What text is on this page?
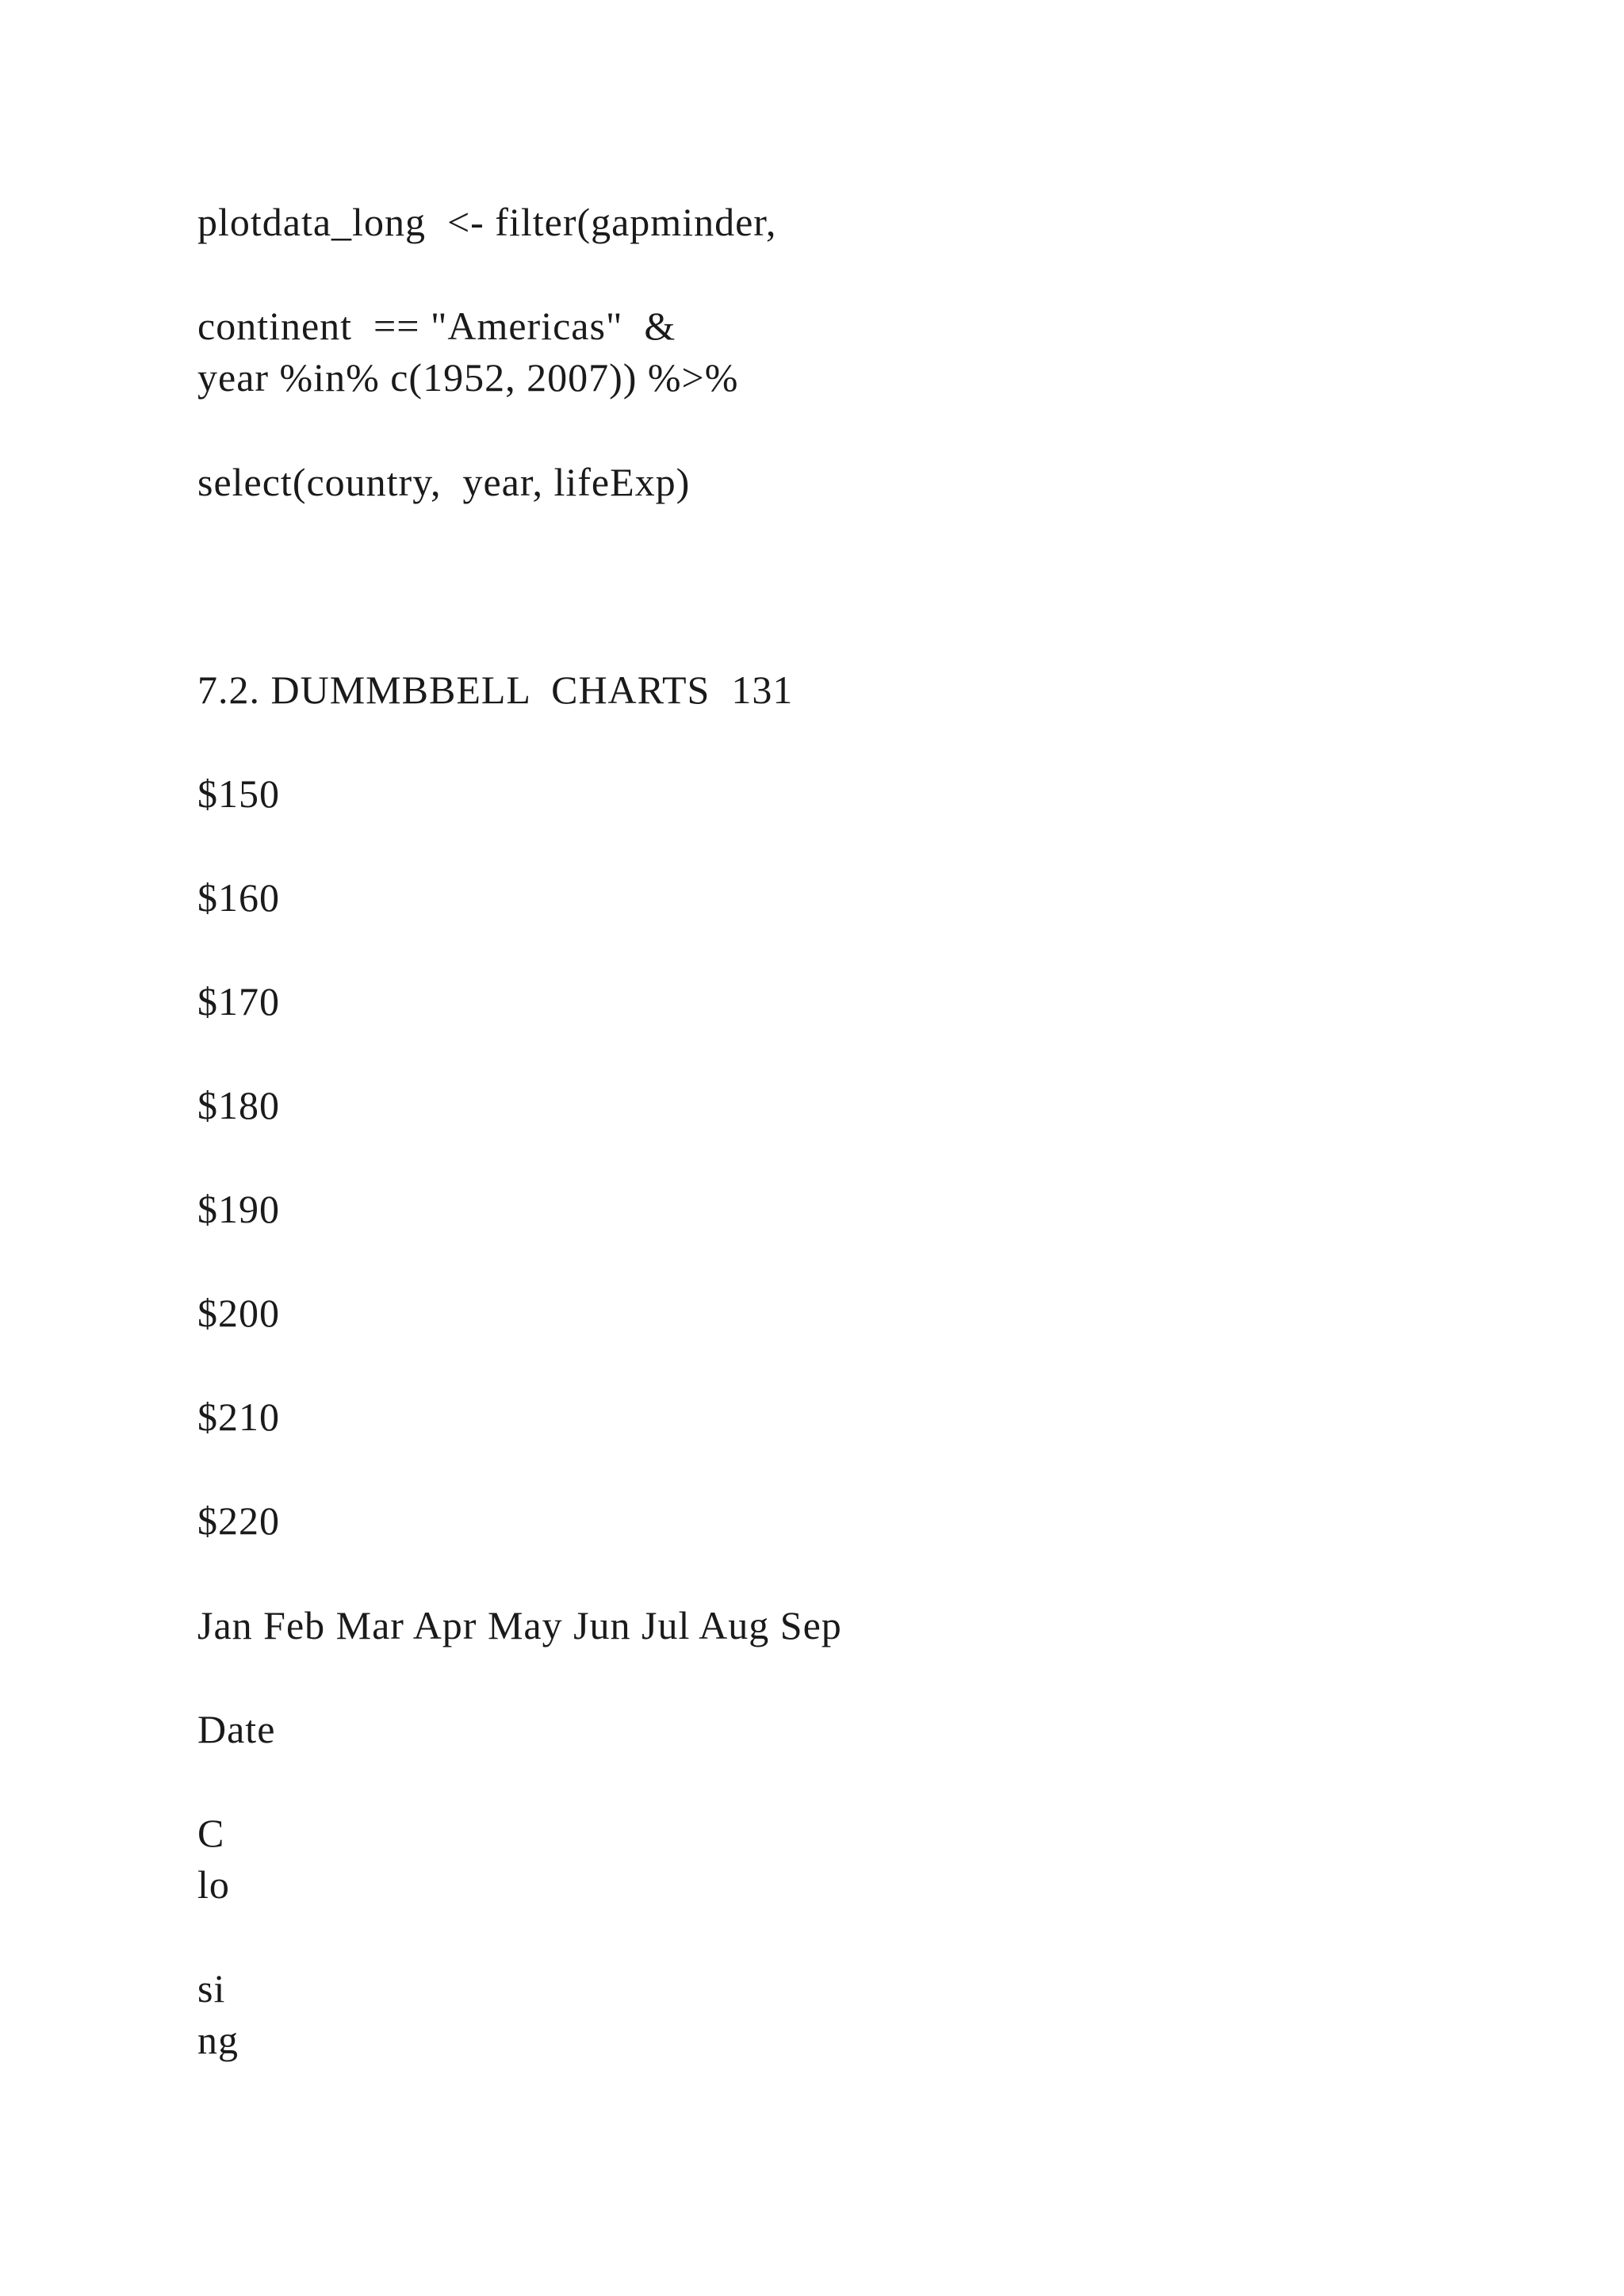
plotdata_long  <- filter(gapminder,
continent  == "Americas"  &
year %in% c(1952, 2007)) %>%
select(country,  year, lifeExp)
7.2. DUMMBBELL  CHARTS  131
$150
$160
$170
$180
$190
$200
$210
$220
Jan Feb Mar Apr May Jun Jul Aug Sep
Date
C
lo
si
ng
